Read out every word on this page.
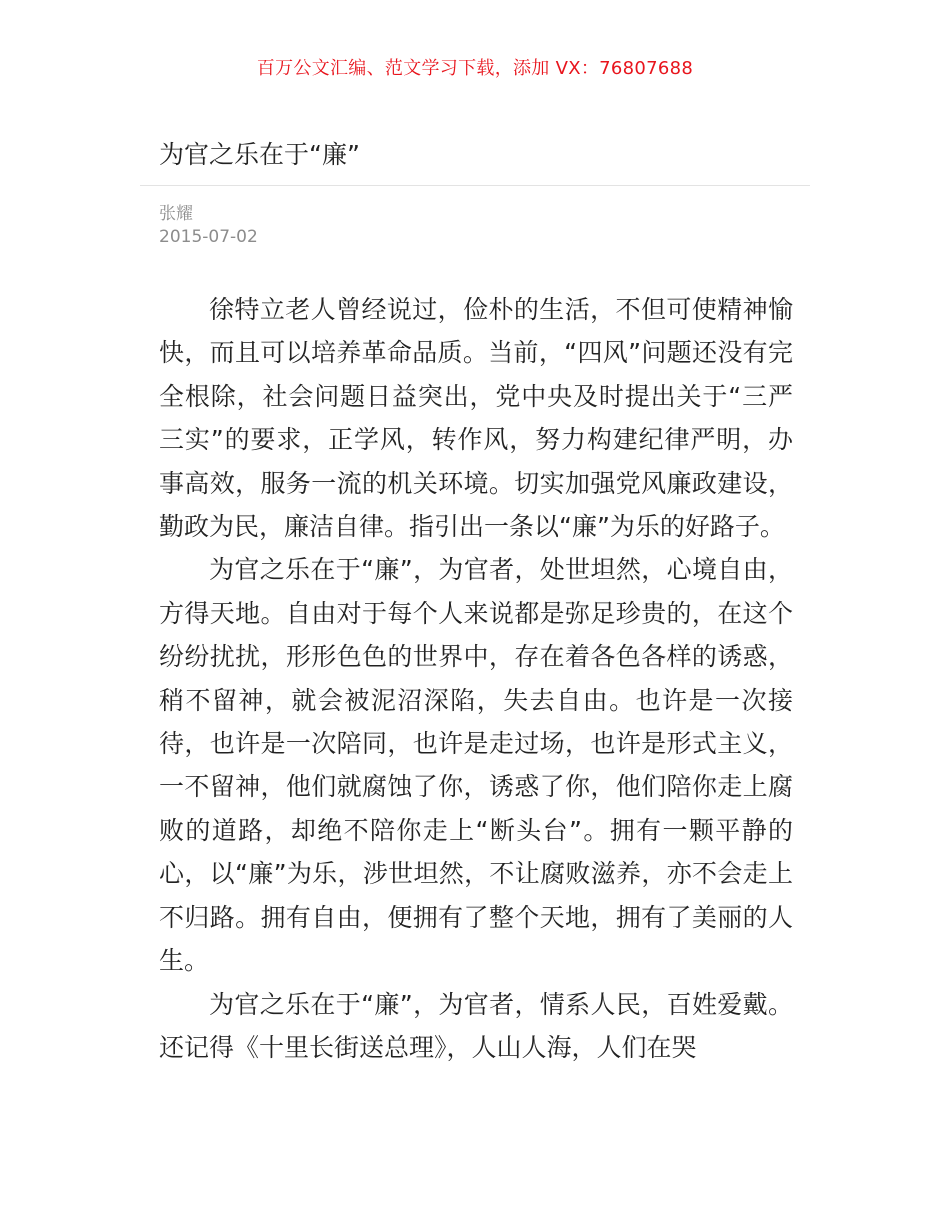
百万公文汇编、范文学习下载，添加 VX：76807688
为官之乐在于“廉”
张耀
2015-07-02

徐特立老人曾经说过，俭朴的生活，不但可使精神愉快，而且可以培养革命品质。当前，“四风”问题还没有完全根除，社会问题日益突出，党中央及时提出关于“三严三实”的要求，正学风，转作风，努力构建纪律严明，办事高效，服务一流的机关环境。切实加强党风廉政建设，勤政为民，廉洁自律。指引出一条以“廉”为乐的好路子。

为官之乐在于“廉”，为官者，处世坦然，心境自由，方得天地。自由对于每个人来说都是弥足珍贵的，在这个纷纷扰扰，形形色色的世界中，存在着各色各样的诱惑，稍不留神，就会被泥沼深陷，失去自由。也许是一次接待，也许是一次陪同，也许是走过场，也许是形式主义，一不留神，他们就腐蚀了你，诱惑了你，他们陪你走上腐败的道路，却绝不陪你走上“断头台”。拥有一颗平静的心，以“廉”为乐，涉世坦然，不让腐败滋养，亦不会走上不归路。拥有自由，便拥有了整个天地，拥有了美丽的人生。

为官之乐在于“廉”，为官者，情系人民，百姓爱戴。还记得《十里长街送总理》，人山人海，人们在哭
